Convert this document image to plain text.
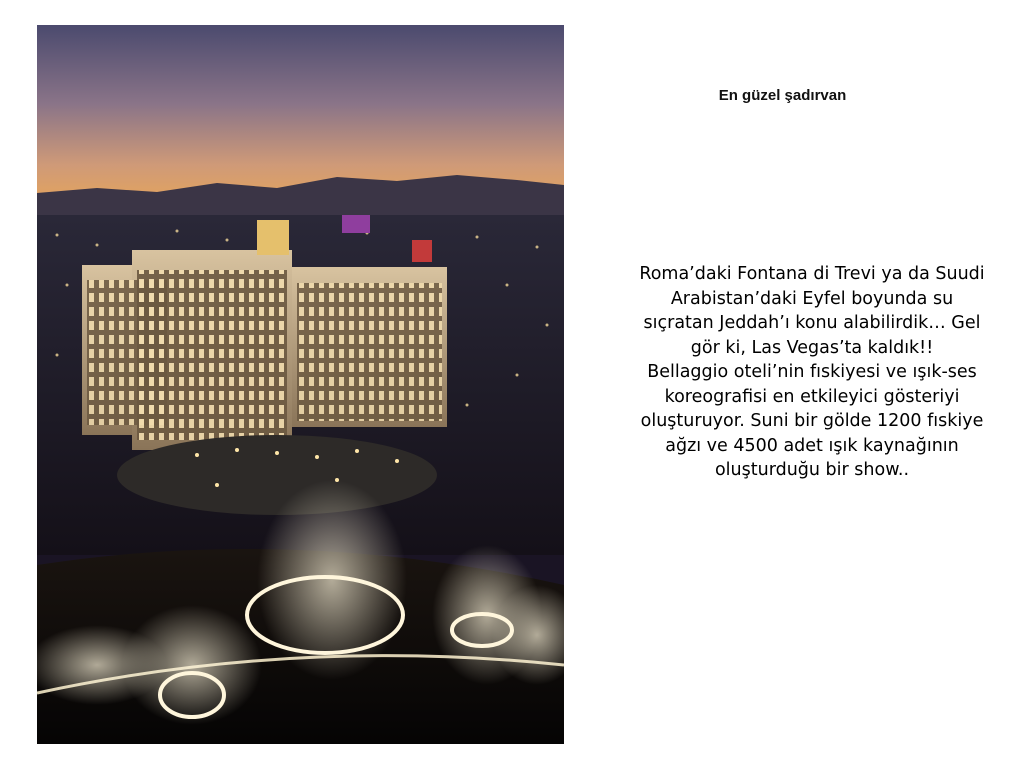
En güzel şadırvan

Roma’daki Fontana di Trevi ya da Suudi Arabistan’daki Eyfel boyunda su sıçratan Jeddah’ı konu alabilirdik… Gel gör ki, Las Vegas’ta kaldık!!

Bellaggio oteli’nin fıskiyesi ve ışık-ses koreografisi en etkileyici gösteriyi oluşturuyor. Suni bir gölde 1200 fıskiye ağzı ve 4500 adet ışık kaynağının oluşturduğu bir show..
